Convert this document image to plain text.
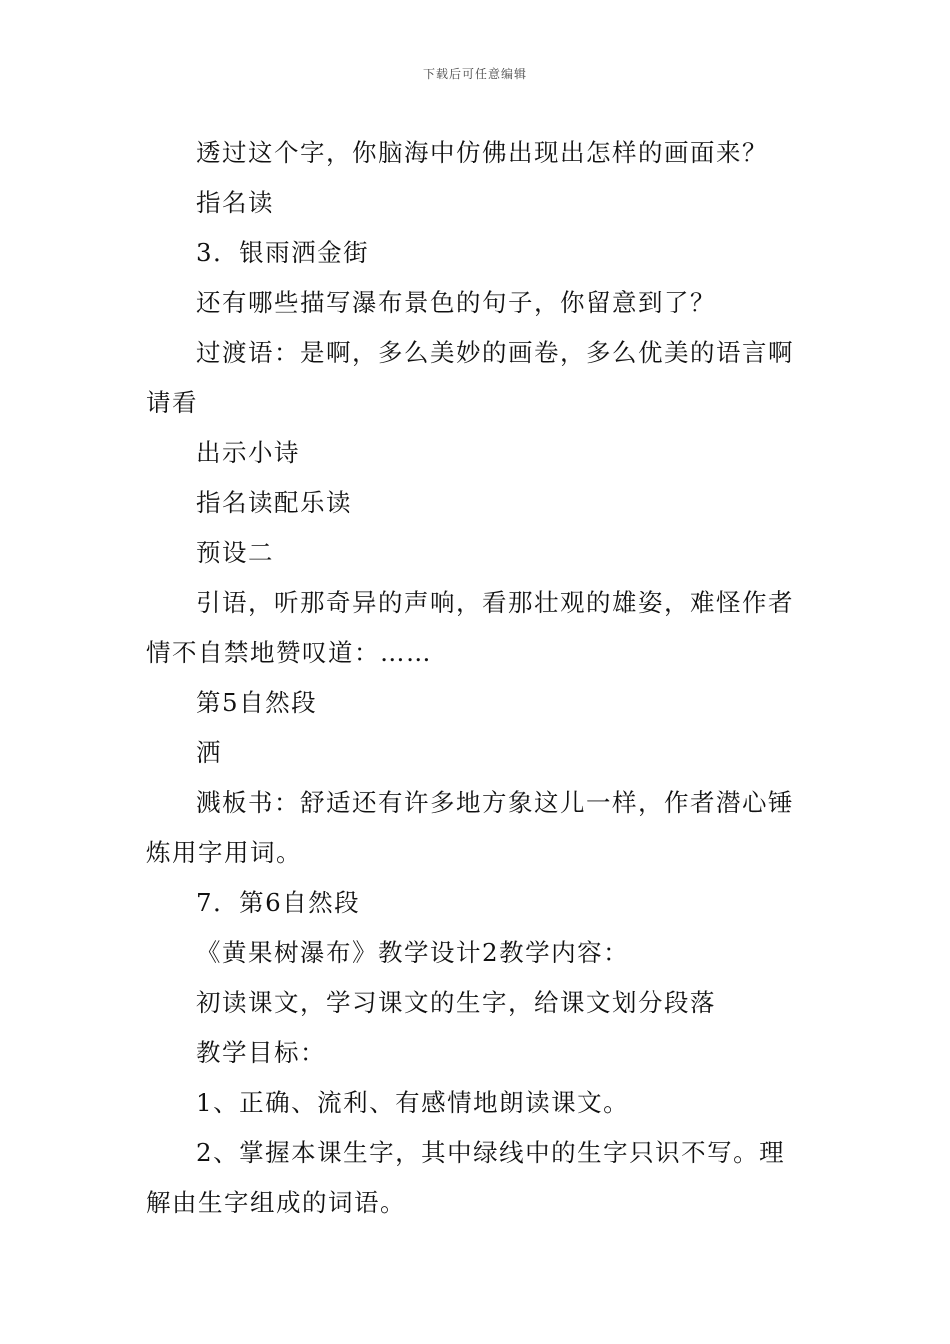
下载后可任意编辑

透过这个字，你脑海中仿佛出现出怎样的画面来？

指名读

3．银雨洒金街

还有哪些描写瀑布景色的句子，你留意到了？

过渡语：是啊，多么美妙的画卷，多么优美的语言啊请看

出示小诗

指名读配乐读

预设二

引语，听那奇异的声响，看那壮观的雄姿，难怪作者情不自禁地赞叹道：……

第5自然段

洒

溅板书：舒适还有许多地方象这儿一样，作者潜心锤炼用字用词。

7．第6自然段

《黄果树瀑布》教学设计2教学内容：

初读课文，学习课文的生字，给课文划分段落

教学目标：

1、正确、流利、有感情地朗读课文。

2、掌握本课生字，其中绿线中的生字只识不写。理解由生字组成的词语。
